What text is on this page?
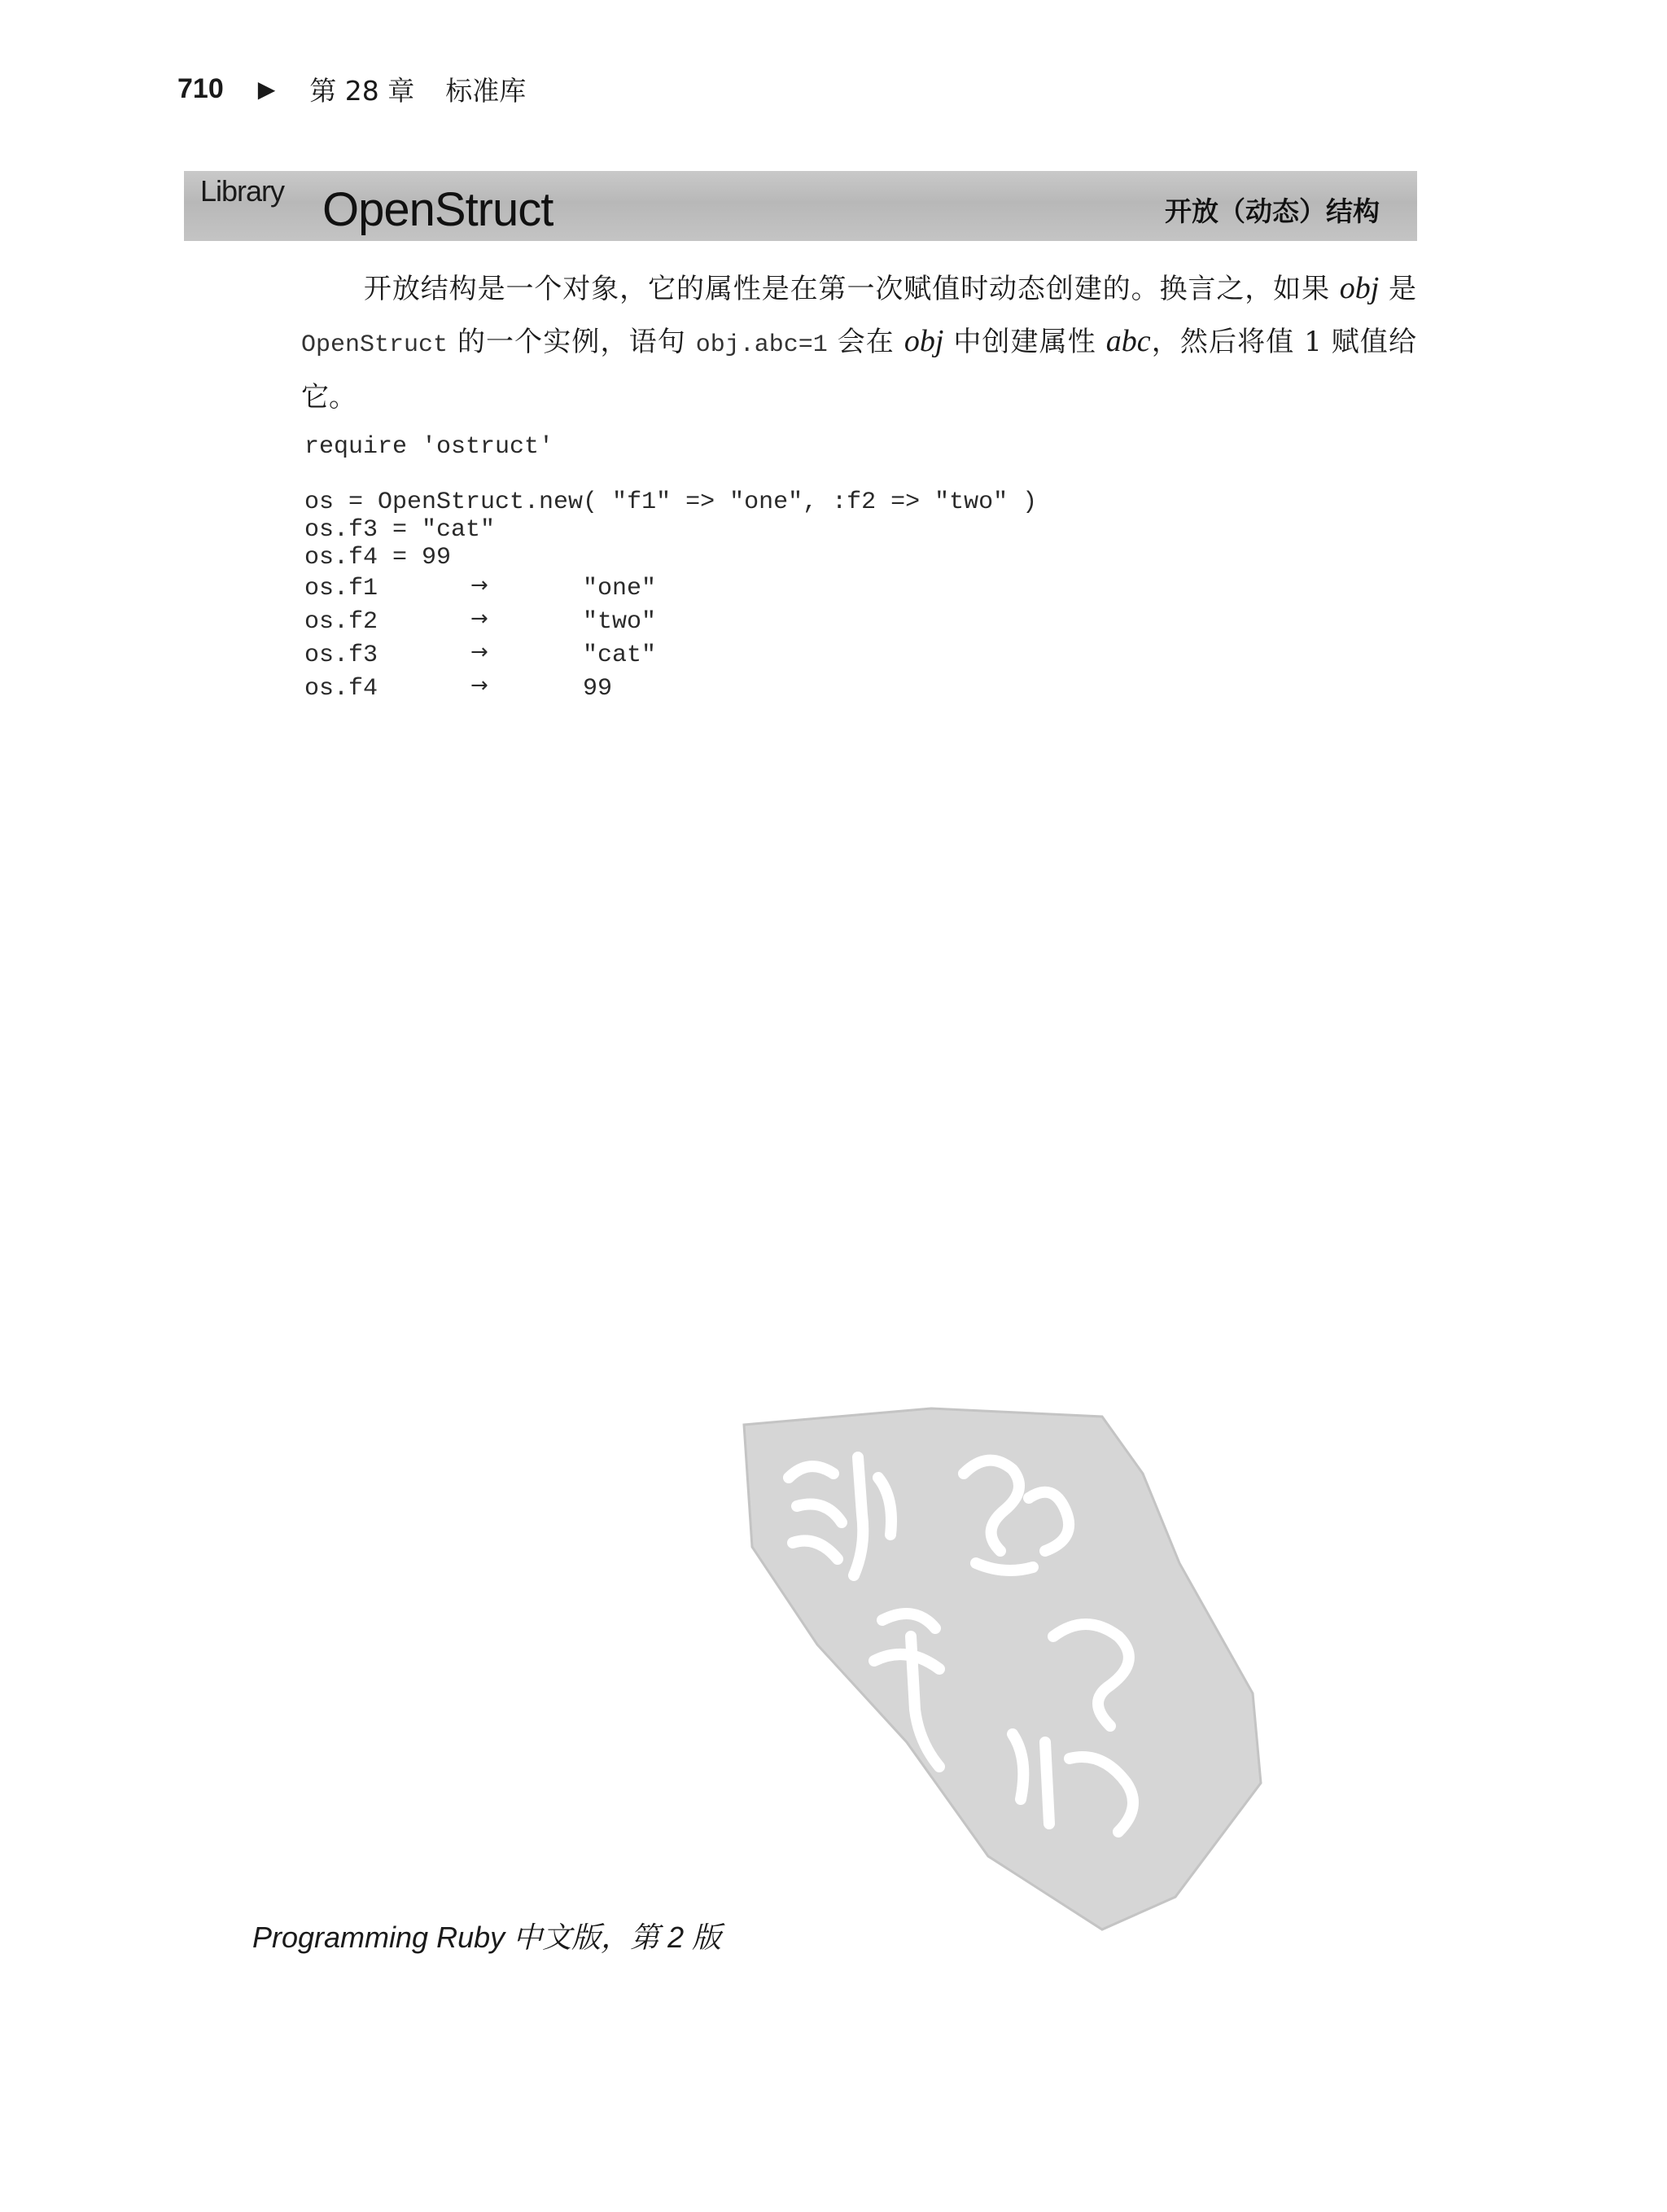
710 ▶ 第 28 章 标准库
Library OpenStruct	开放（动态）结构

开放结构是一个对象，它的属性是在第一次赋值时动态创建的。换言之，如果 obj 是 OpenStruct 的一个实例，语句 obj.abc=1 会在 obj 中创建属性 abc，然后将值 1 赋值给它。

require 'ostruct'
os = OpenStruct.new( "f1" => "one", :f2 => "two" )
os.f3 = "cat"
os.f4 = 99
os.f1	→	"one"
os.f2	→	"two"
os.f3	→	"cat"
os.f4	→	99
Programming Ruby 中文版，第 2 版
